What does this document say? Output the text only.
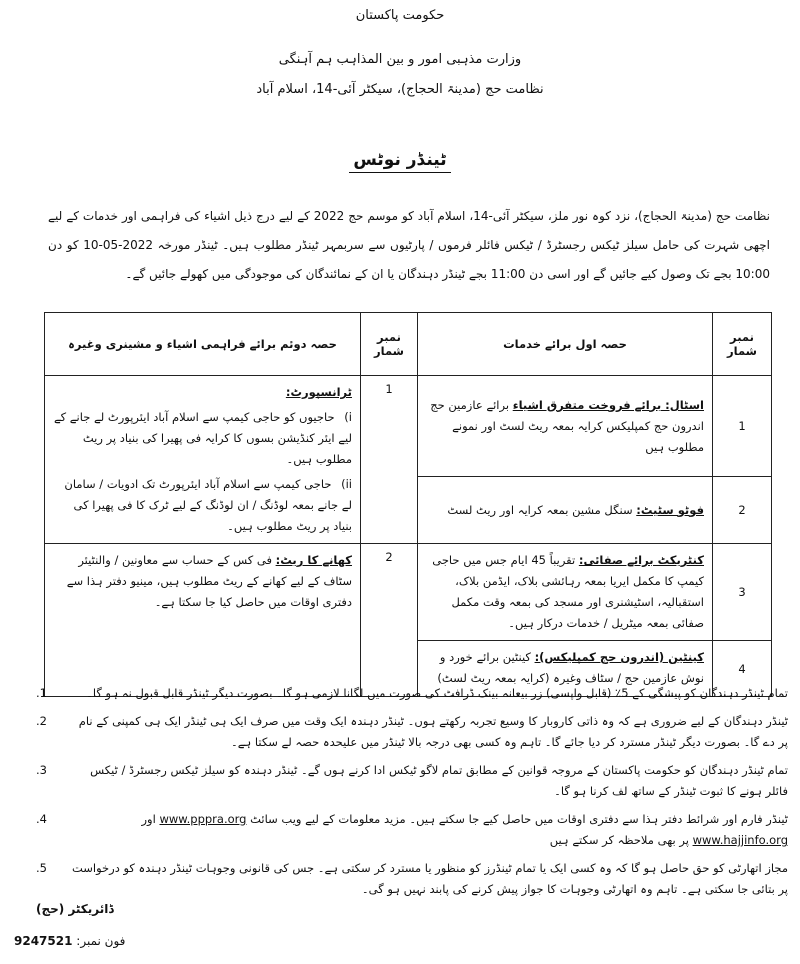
حکومت پاکستان
وزارت مذہبی امور و بین المذاہب ہم آہنگی
نظامت حج (مدینۃ الحجاج)، سیکٹر آئی-14، اسلام آباد
ٹینڈر نوٹس
نظامت حج (مدینۃ الحجاج)، نزد کوہ نور ملز، سیکٹر آئی-14، اسلام آباد کو موسم حج 2022 کے لیے درج ذیل اشیاء کی فراہمی اور خدمات کے لیے اچھی شہرت کی حامل سیلز ٹیکس رجسٹرڈ / ٹیکس فائلر فرموں / پارٹیوں سے سربمہر ٹینڈر مطلوب ہیں۔ ٹینڈر مورخہ 2022-05-10 کو دن 10:00 بجے تک وصول کیے جائیں گے اور اسی دن 11:00 بجے ٹینڈر دہندگان یا ان کے نمائندگان کی موجودگی میں کھولے جائیں گے۔
نمبر شمار	حصہ اول برائے خدمات	نمبر شمار	حصہ دوئم برائے فراہمی اشیاء و مشینری وغیرہ
1	اسٹال: برائے فروخت متفرق اشیاء برائے عازمین حج اندرون حج کمپلیکس کرایہ بمعہ ریٹ لسٹ اور نمونے مطلوب ہیں	1	ٹرانسپورٹ:
i) حاجیوں کو حاجی کیمپ سے اسلام آباد ایئرپورٹ لے جانے کے لیے ایئر کنڈیشن بسوں کا کرایہ فی پھیرا کی بنیاد پر ریٹ مطلوب ہیں۔
ii) حاجی کیمپ سے اسلام آباد ایئرپورٹ تک ادویات / سامان لے جانے بمعہ لوڈنگ / ان لوڈنگ کے لیے ٹرک کا فی پھیرا کی بنیاد پر ریٹ مطلوب ہیں۔

2	فوٹو سٹیٹ: سنگل مشین بمعہ کرایہ اور ریٹ لسٹ		
3	کنٹریکٹ برائے صفائی: تقریباً 45 ایام جس میں حاجی کیمپ کا مکمل ایریا بمعہ رہائشی بلاک، ایڈمن بلاک، استقبالیہ، اسٹیشنری اور مسجد کی بمعہ وقت مکمل صفائی بمعہ میٹریل / خدمات درکار ہیں۔	2	کھانے کا ریٹ: فی کس کے حساب سے معاونین / والنٹیئر سٹاف کے لیے کھانے کے ریٹ مطلوب ہیں، مینیو دفتر ہذا سے دفتری اوقات میں حاصل کیا جا سکتا ہے۔
4	کینٹین (اندرون حج کمپلیکس): کینٹین برائے خورد و نوش عازمین حج / سٹاف وغیرہ (کرایہ بمعہ ریٹ لسٹ)		
.1	تمام ٹینڈر دہندگان کو پیشگی کے 5٪ (قابل واپسی) زر بیعانہ بینک ڈرافٹ کی صورت میں لگانا لازمی ہو گا۔ بصورت دیگر ٹینڈر قابل قبول نہ ہو گا۔
.2	ٹینڈر دہندگان کے لیے ضروری ہے کہ وہ ذاتی کاروبار کا وسیع تجربہ رکھتے ہوں۔ ٹینڈر دہندہ ایک وقت میں صرف ایک ہی ٹینڈر ایک ہی کمپنی کے نام پر دے گا۔ بصورت دیگر ٹینڈر مسترد کر دیا جائے گا۔ تاہم وہ کسی بھی درجہ بالا ٹینڈر میں علیحدہ حصہ لے سکتا ہے۔
.3	تمام ٹینڈر دہندگان کو حکومت پاکستان کے مروجہ قوانین کے مطابق تمام لاگو ٹیکس ادا کرنے ہوں گے۔ ٹینڈر دہندہ کو سیلز ٹیکس رجسٹرڈ / ٹیکس فائلر ہونے کا ثبوت ٹینڈر کے ساتھ لف کرنا ہو گا۔
.4	ٹینڈر فارم اور شرائط دفتر ہذا سے دفتری اوقات میں حاصل کیے جا سکتے ہیں۔ مزید معلومات کے لیے ویب سائٹ www.pppra.org اور www.hajjinfo.org پر بھی ملاحظہ کر سکتے ہیں
.5	مجاز اتھارٹی کو حق حاصل ہو گا کہ وہ کسی ایک یا تمام ٹینڈرز کو منظور یا مسترد کر سکتی ہے۔ جس کی قانونی وجوہات ٹینڈر دہندہ کو درخواست پر بتائی جا سکتی ہے۔ تاہم وہ اتھارٹی وجوہات کا جواز پیش کرنے کی پابند نہیں ہو گی۔
ڈائریکٹر (حج)
فون نمبر: 9247521
